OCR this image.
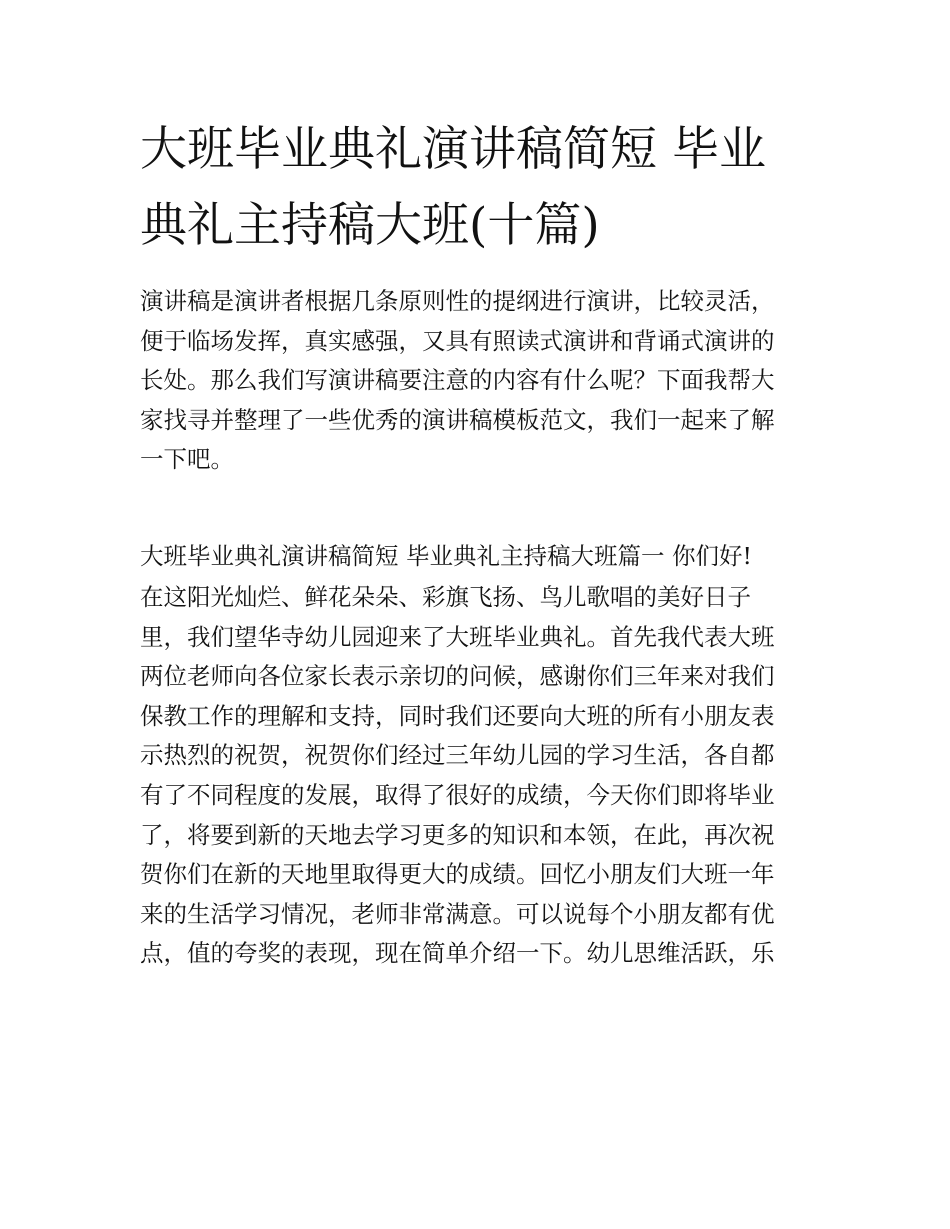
大班毕业典礼演讲稿简短 毕业
典礼主持稿大班(十篇)

演讲稿是演讲者根据几条原则性的提纲进行演讲，比较灵活，
便于临场发挥，真实感强，又具有照读式演讲和背诵式演讲的
长处。那么我们写演讲稿要注意的内容有什么呢？下面我帮大
家找寻并整理了一些优秀的演讲稿模板范文，我们一起来了解
一下吧。

大班毕业典礼演讲稿简短 毕业典礼主持稿大班篇一 你们好!

在这阳光灿烂、鲜花朵朵、彩旗飞扬、鸟儿歌唱的美好日子
里，我们望华寺幼儿园迎来了大班毕业典礼。首先我代表大班
两位老师向各位家长表示亲切的问候，感谢你们三年来对我们
保教工作的理解和支持，同时我们还要向大班的所有小朋友表
示热烈的祝贺，祝贺你们经过三年幼儿园的学习生活，各自都
有了不同程度的发展，取得了很好的成绩，今天你们即将毕业
了，将要到新的天地去学习更多的知识和本领，在此，再次祝
贺你们在新的天地里取得更大的成绩。回忆小朋友们大班一年
来的生活学习情况，老师非常满意。可以说每个小朋友都有优
点，值的夸奖的表现，现在简单介绍一下。幼儿思维活跃，乐
